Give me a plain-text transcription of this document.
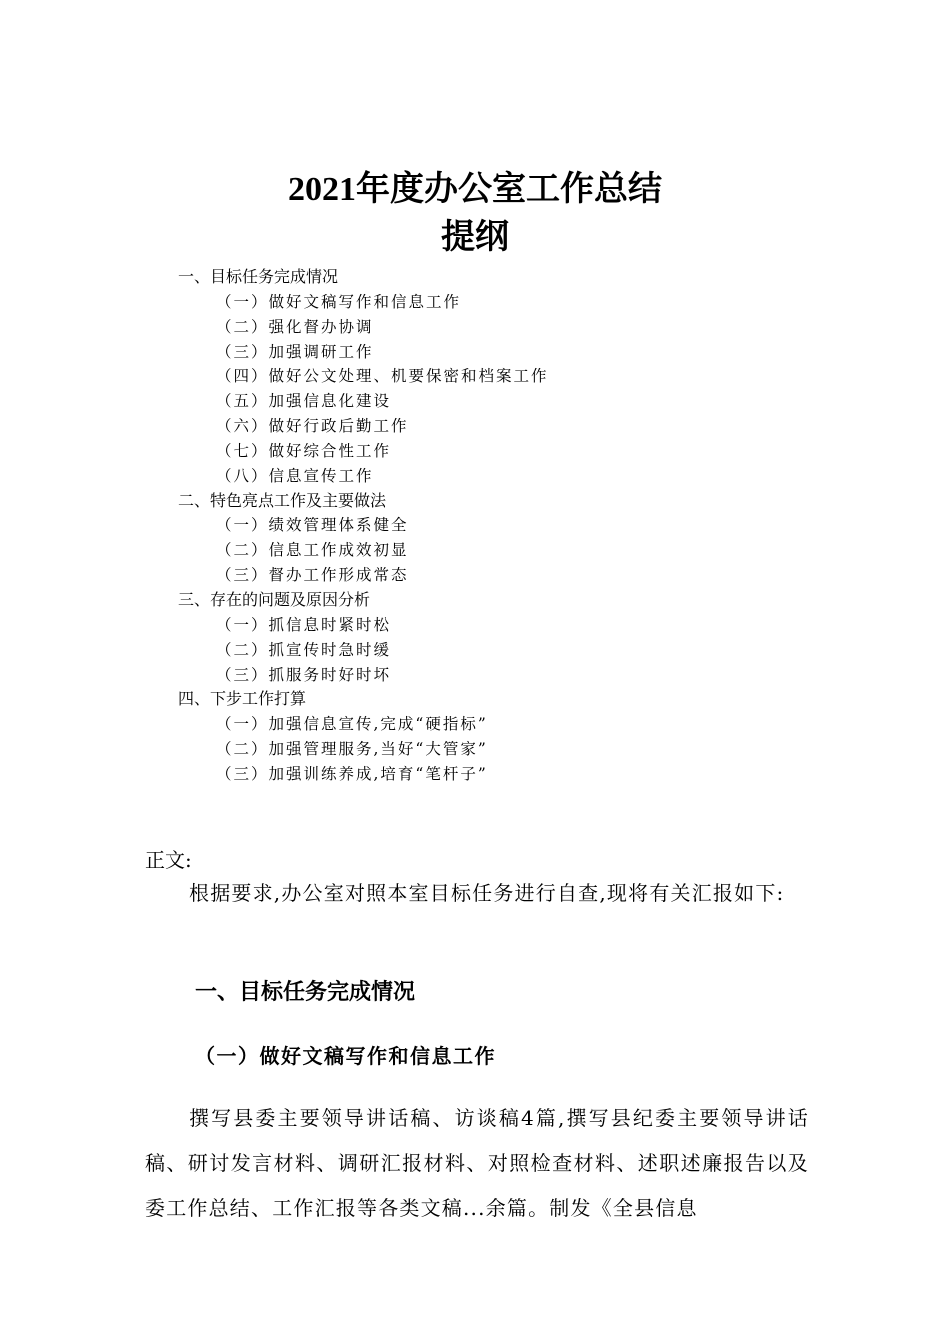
2021年度办公室工作总结
提纲
一、目标任务完成情况
（一）做好文稿写作和信息工作
（二）强化督办协调
（三）加强调研工作
（四）做好公文处理、机要保密和档案工作
（五）加强信息化建设
（六）做好行政后勤工作
（七）做好综合性工作
（八）信息宣传工作
二、特色亮点工作及主要做法
（一）绩效管理体系健全
（二）信息工作成效初显
（三）督办工作形成常态
三、存在的问题及原因分析
（一）抓信息时紧时松
（二）抓宣传时急时缓
（三）抓服务时好时坏
四、下步工作打算
（一）加强信息宣传,完成“硬指标”
（二）加强管理服务,当好“大管家”
（三）加强训练养成,培育“笔杆子”
正文:
根据要求,办公室对照本室目标任务进行自查,现将有关汇报如下:
一、目标任务完成情况
（一）做好文稿写作和信息工作
撰写县委主要领导讲话稿、访谈稿4篇,撰写县纪委主要领导讲话稿、研讨发言材料、调研汇报材料、对照检查材料、述职述廉报告以及委工作总结、工作汇报等各类文稿...余篇。制发《全县信息
